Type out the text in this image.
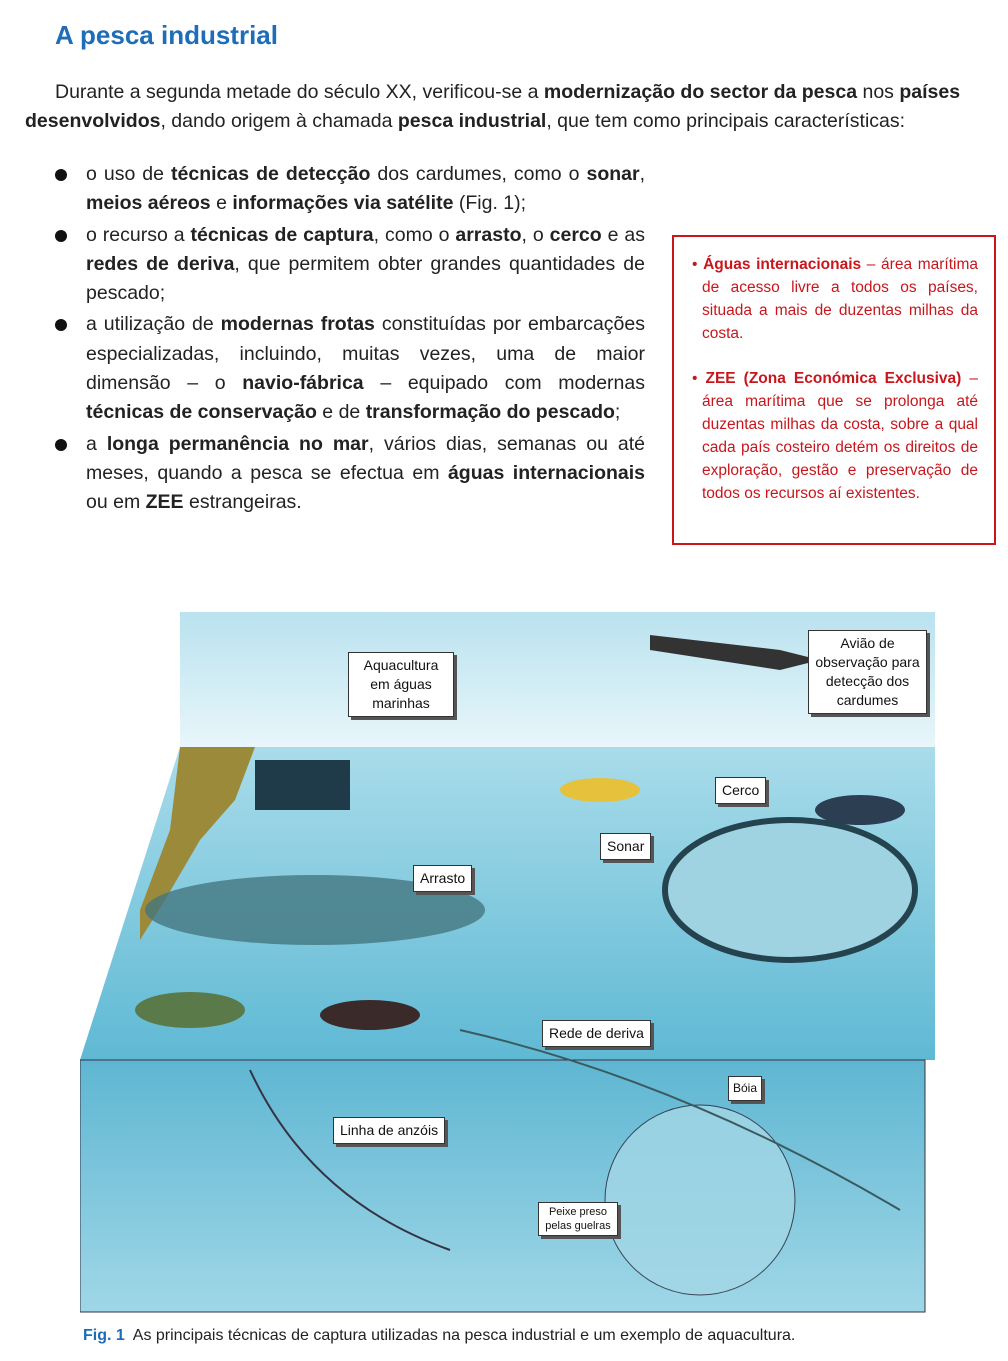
A pesca industrial

Durante a segunda metade do século XX, verificou-se a modernização do sector da pesca nos países desenvolvidos, dando origem à chamada pesca industrial, que tem como principais características:

o uso de técnicas de detecção dos cardumes, como o sonar, meios aéreos e informações via satélite (Fig. 1);
o recurso a técnicas de captura, como o arrasto, o cerco e as redes de deriva, que permitem obter grandes quantidades de pescado;
a utilização de modernas frotas constituídas por embarcações especializadas, incluindo, muitas vezes, uma de maior dimensão – o navio-fábrica – equipado com modernas técnicas de conservação e de transformação do pescado;
a longa permanência no mar, vários dias, semanas ou até meses, quando a pesca se efectua em águas internacionais ou em ZEE estrangeiras.

• Águas internacionais – área marítima de acesso livre a todos os países, situada a mais de duzentas milhas da costa.

• ZEE (Zona Económica Exclusiva) – área marítima que se prolonga até duzentas milhas da costa, sobre a qual cada país costeiro detém os direitos de exploração, gestão e preservação de todos os recursos aí existentes.

Aquacultura em águas marinhas
Avião de observação para detecção dos cardumes
Cerco
Sonar
Arrasto
Rede de deriva
Bóia
Linha de anzóis
Peixe preso pelas guelras
Fig. 1 As principais técnicas de captura utilizadas na pesca industrial e um exemplo de aquacultura.
